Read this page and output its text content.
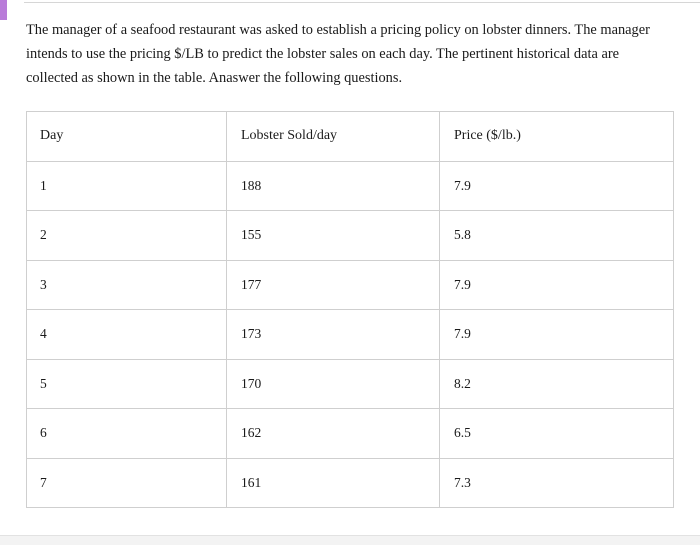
The manager of a seafood restaurant was asked to establish a pricing policy on lobster dinners. The manager intends to use the pricing $/LB to predict the lobster sales on each day. The pertinent historical data are collected as shown in the table. Anaswer the following questions.

Day	Lobster Sold/day	Price ($/lb.)
1	188	7.9
2	155	5.8
3	177	7.9
4	173	7.9
5	170	8.2
6	162	6.5
7	161	7.3
